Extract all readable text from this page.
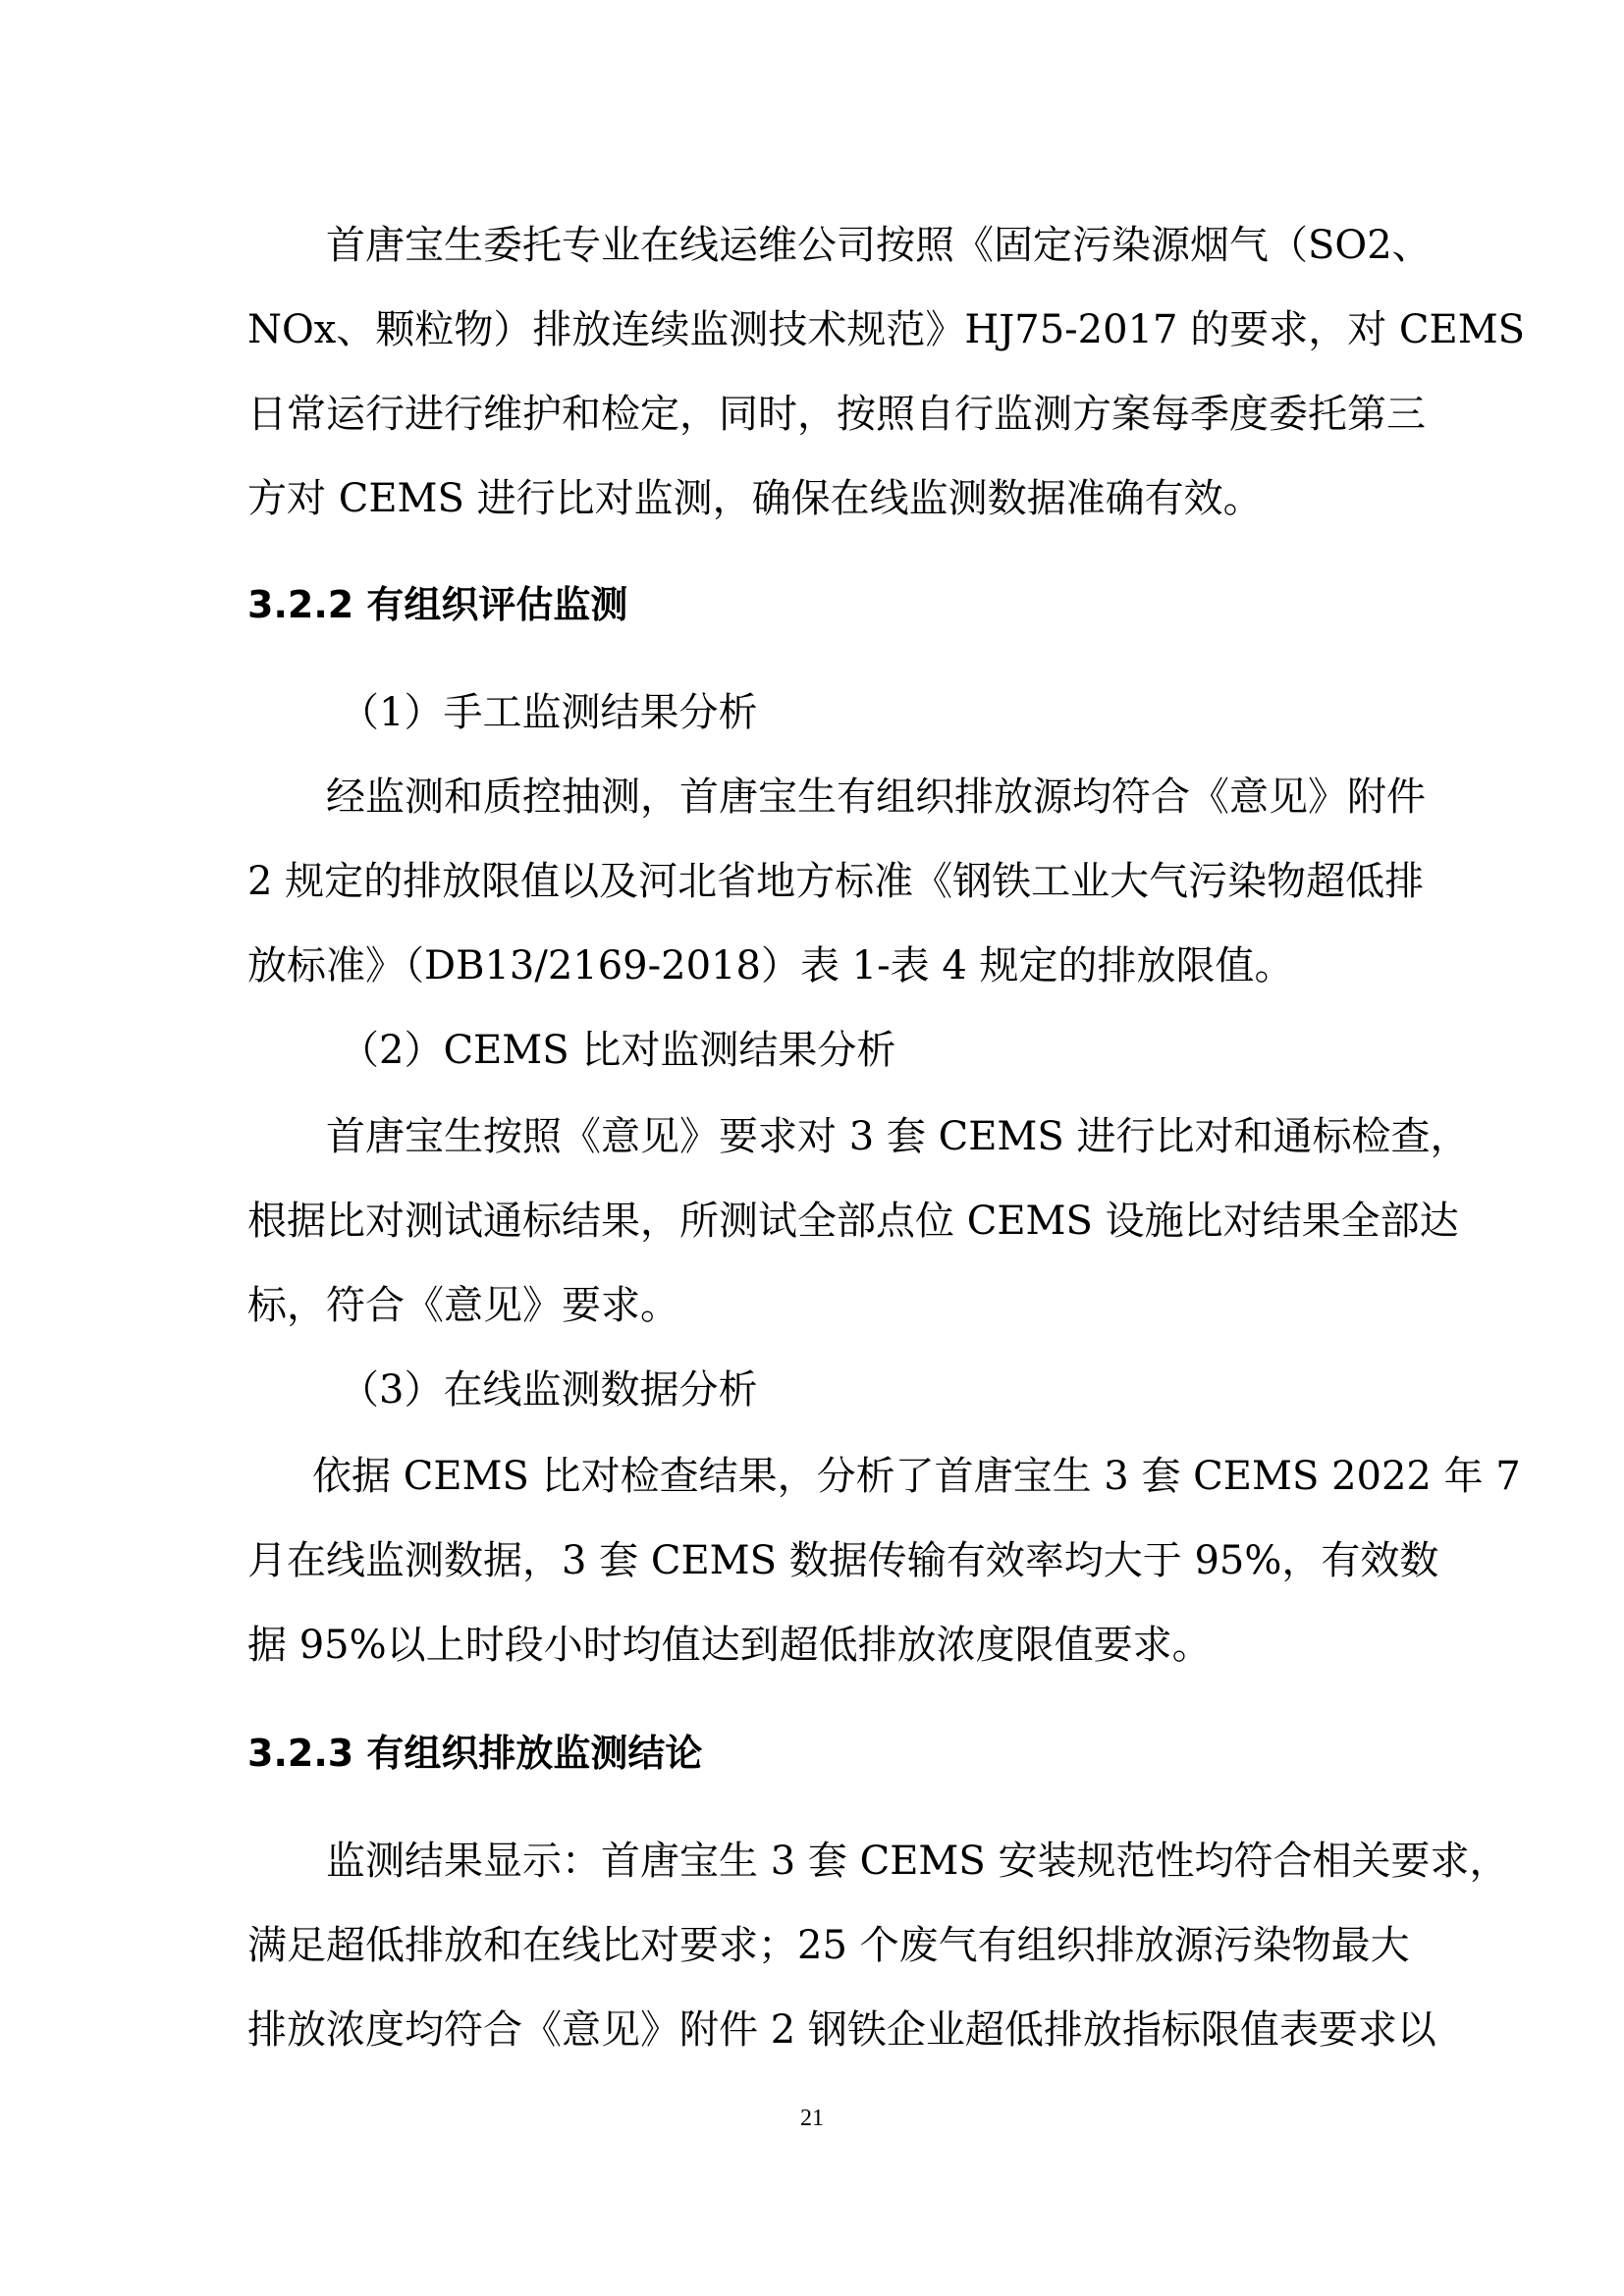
首唐宝生委托专业在线运维公司按照《固定污染源烟气（SO2、
NOx、颗粒物）排放连续监测技术规范》HJ75-2017 的要求，对 CEMS
日常运行进行维护和检定，同时，按照自行监测方案每季度委托第三
方对 CEMS 进行比对监测，确保在线监测数据准确有效。
3.2.2 有组织评估监测
（1）手工监测结果分析
经监测和质控抽测，首唐宝生有组织排放源均符合《意见》附件
2 规定的排放限值以及河北省地方标准《钢铁工业大气污染物超低排
放标准》（DB13/2169-2018）表 1-表 4 规定的排放限值。
（2）CEMS 比对监测结果分析
首唐宝生按照《意见》要求对 3 套 CEMS 进行比对和通标检查，
根据比对测试通标结果，所测试全部点位 CEMS 设施比对结果全部达
标，符合《意见》要求。
（3）在线监测数据分析
依据 CEMS 比对检查结果，分析了首唐宝生 3 套 CEMS 2022 年 7
月在线监测数据，3 套 CEMS 数据传输有效率均大于 95%，有效数
据 95%以上时段小时均值达到超低排放浓度限值要求。
3.2.3 有组织排放监测结论
监测结果显示：首唐宝生 3 套 CEMS 安装规范性均符合相关要求，
满足超低排放和在线比对要求；25 个废气有组织排放源污染物最大
排放浓度均符合《意见》附件 2 钢铁企业超低排放指标限值表要求以
21
